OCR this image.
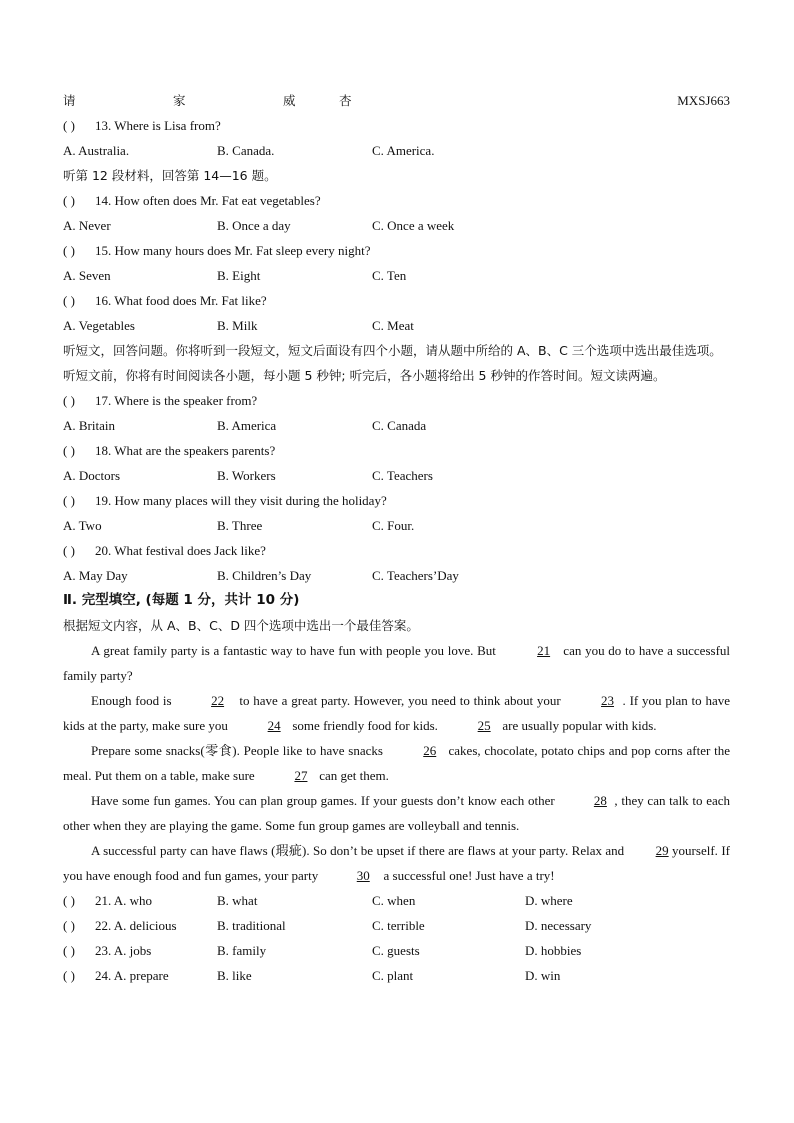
请	家	威	杏	MXSJ663
( ) 13. Where is Lisa from?
A. Australia.	B. Canada.	C. America.
听第 12 段材料，回答第 14—16 题。
( ) 14. How often does Mr. Fat eat vegetables?
A. Never	B. Once a day	C. Once a week
( ) 15. How many hours does Mr. Fat sleep every night?
A. Seven	B. Eight	C. Ten
( ) 16. What food does Mr. Fat like?
A. Vegetables	B. Milk	C. Meat
听短文，回答问题。你将听到一段短文，短文后面设有四个小题，请从题中所给的 A、B、C 三个选项中选出最佳选项。听短文前，你将有时间阅读各小题，每小题 5 秒钟; 听完后，各小题将给出 5 秒钟的作答时间。短文读两遍。
( ) 17. Where is the speaker from?
A. Britain	B. America	C. Canada
( ) 18. What are the speakers parents?
A. Doctors	B. Workers	C. Teachers
( ) 19. How many places will they visit during the holiday?
A. Two	B. Three	C. Four.
( ) 20. What festival does Jack like?
A. May Day	B. Children’s Day	C. Teachers’Day
Ⅱ. 完型填空, (每题 1 分，共计 10 分)
根据短文内容，从 A、B、C、D 四个选项中选出一个最佳答案。
A great family party is a fantastic way to have fun with people you love. But	21 can you do to have a successful family party?
Enough food is	22 to have a great party. However, you need to think about your	23 . If you plan to have kids at the party, make sure you	24 some friendly food for kids.	25 are usually popular with kids.
Prepare some snacks(零食). People like to have snacks	26 cakes, chocolate, potato chips and pop corns after the meal. Put them on a table, make sure	27 can get them.
Have some fun games. You can plan group games. If your guests don’t know each other	28 , they can talk to each other when they are playing the game. Some fun group games are volleyball and tennis.
A successful party can have flaws (瑕疵). So don’t be upset if there are flaws at your party. Relax and 29 yourself. If you have enough food and fun games, your party	30 a successful one! Just have a try!
( ) 21. A. who	B. what	C. when	D. where
( ) 22. A. delicious	B. traditional	C. terrible	D. necessary
( ) 23. A. jobs	B. family	C. guests	D. hobbies
( ) 24. A. prepare	B. like	C. plant	D. win
